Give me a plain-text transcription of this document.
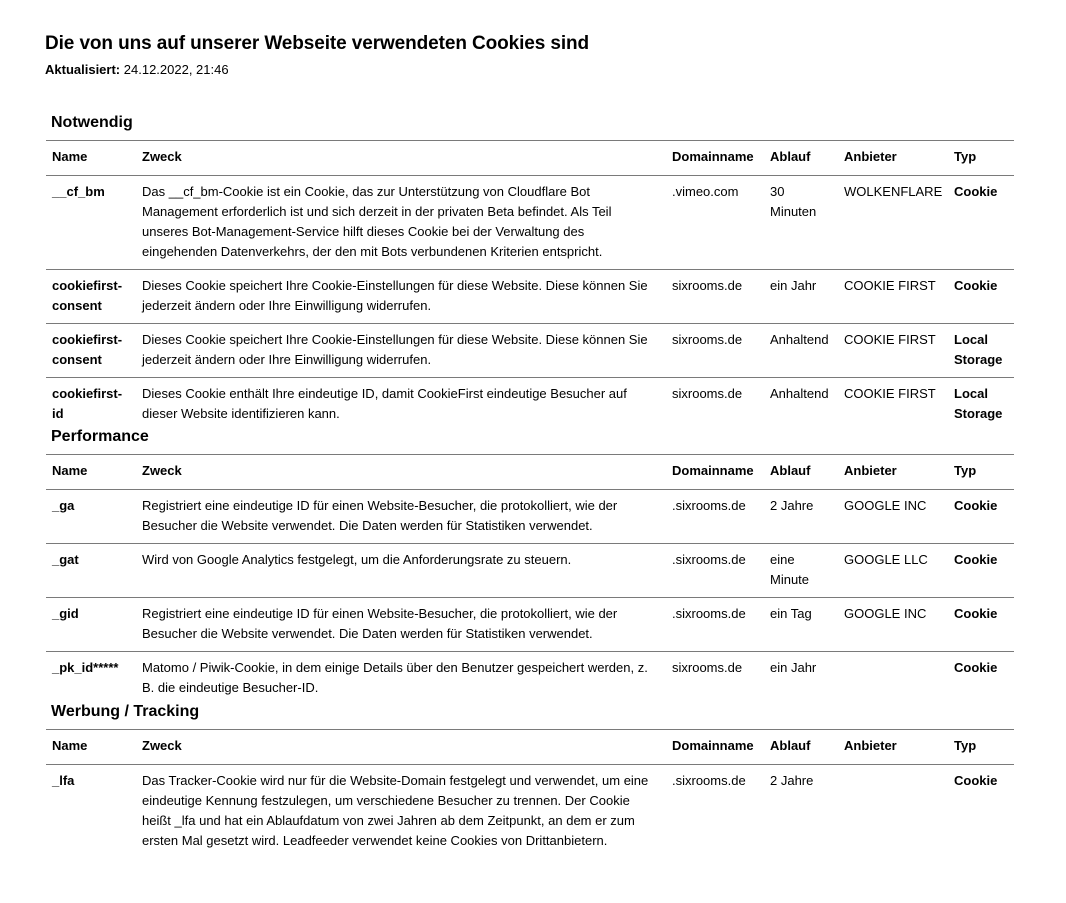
Die von uns auf unserer Webseite verwendeten Cookies sind
Aktualisiert: 24.12.2022, 21:46
Notwendig
Name	Zweck	Domainname	Ablauf	Anbieter	Typ
__cf_bm	Das __cf_bm-Cookie ist ein Cookie, das zur Unterstützung von Cloudflare Bot Management erforderlich ist und sich derzeit in der privaten Beta befindet. Als Teil unseres Bot-Management-Service hilft dieses Cookie bei der Verwaltung des eingehenden Datenverkehrs, der den mit Bots verbundenen Kriterien entspricht.	.vimeo.com	30 Minuten	WOLKENFLARE	Cookie
cookiefirst-consent	Dieses Cookie speichert Ihre Cookie-Einstellungen für diese Website. Diese können Sie jederzeit ändern oder Ihre Einwilligung widerrufen.	sixrooms.de	ein Jahr	COOKIE FIRST	Cookie
cookiefirst-consent	Dieses Cookie speichert Ihre Cookie-Einstellungen für diese Website. Diese können Sie jederzeit ändern oder Ihre Einwilligung widerrufen.	sixrooms.de	Anhaltend	COOKIE FIRST	Local Storage
cookiefirst-id	Dieses Cookie enthält Ihre eindeutige ID, damit CookieFirst eindeutige Besucher auf dieser Website identifizieren kann.	sixrooms.de	Anhaltend	COOKIE FIRST	Local Storage
Performance
Name	Zweck	Domainname	Ablauf	Anbieter	Typ
_ga	Registriert eine eindeutige ID für einen Website-Besucher, die protokolliert, wie der Besucher die Website verwendet. Die Daten werden für Statistiken verwendet.	.sixrooms.de	2 Jahre	GOOGLE INC	Cookie
_gat	Wird von Google Analytics festgelegt, um die Anforderungsrate zu steuern.	.sixrooms.de	eine Minute	GOOGLE LLC	Cookie
_gid	Registriert eine eindeutige ID für einen Website-Besucher, die protokolliert, wie der Besucher die Website verwendet. Die Daten werden für Statistiken verwendet.	.sixrooms.de	ein Tag	GOOGLE INC	Cookie
_pk_id*****	Matomo / Piwik-Cookie, in dem einige Details über den Benutzer gespeichert werden, z. B. die eindeutige Besucher-ID.	sixrooms.de	ein Jahr		Cookie
Werbung / Tracking
Name	Zweck	Domainname	Ablauf	Anbieter	Typ
_lfa	Das Tracker-Cookie wird nur für die Website-Domain festgelegt und verwendet, um eine eindeutige Kennung festzulegen, um verschiedene Besucher zu trennen. Der Cookie heißt _lfa und hat ein Ablaufdatum von zwei Jahren ab dem Zeitpunkt, an dem er zum ersten Mal gesetzt wird. Leadfeeder verwendet keine Cookies von Drittanbietern.	.sixrooms.de	2 Jahre		Cookie
